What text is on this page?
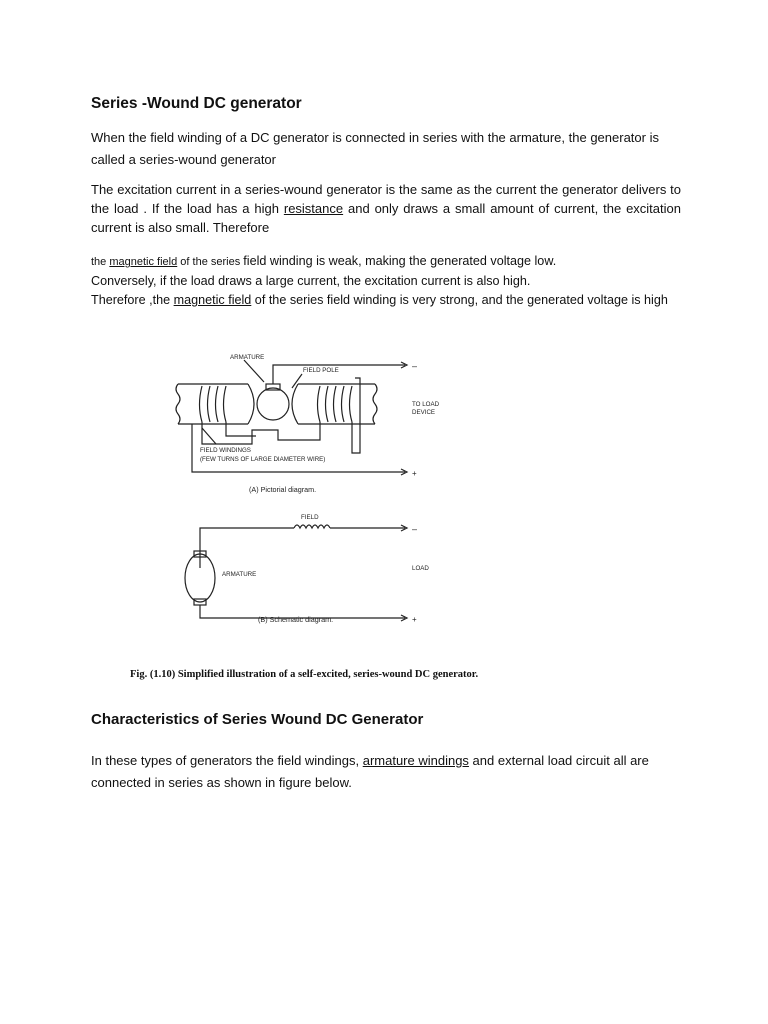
Series -Wound DC generator

When the field winding of a DC generator is connected in series with the armature, the generator is called a series-wound generator

The excitation current in a series-wound generator is the same as the current the generator delivers to the load . If the load has a high resistance and only draws a small amount of current, the excitation current is also small. Therefore

the magnetic field of the series field winding is weak, making the generated voltage low.
Conversely, if the load draws a large current, the excitation current is also high.
Therefore ,the magnetic field of the series field winding is very strong, and the generated voltage is high

ARMATURE
FIELD POLE	–
TO LOAD
DEVICE
FIELD WINDINGS
(FEW TURNS OF LARGE DIAMETER WIRE)
+
(A) Pictorial diagram.
FIELD
–
ARMATURE
LOAD
+
(B) Schematic diagram.
Fig. (1.10) Simplified illustration of a self-excited, series-wound DC generator.
Characteristics of Series Wound DC Generator

In these types of generators the field windings, armature windings and external load circuit all are connected in series as shown in figure below.
